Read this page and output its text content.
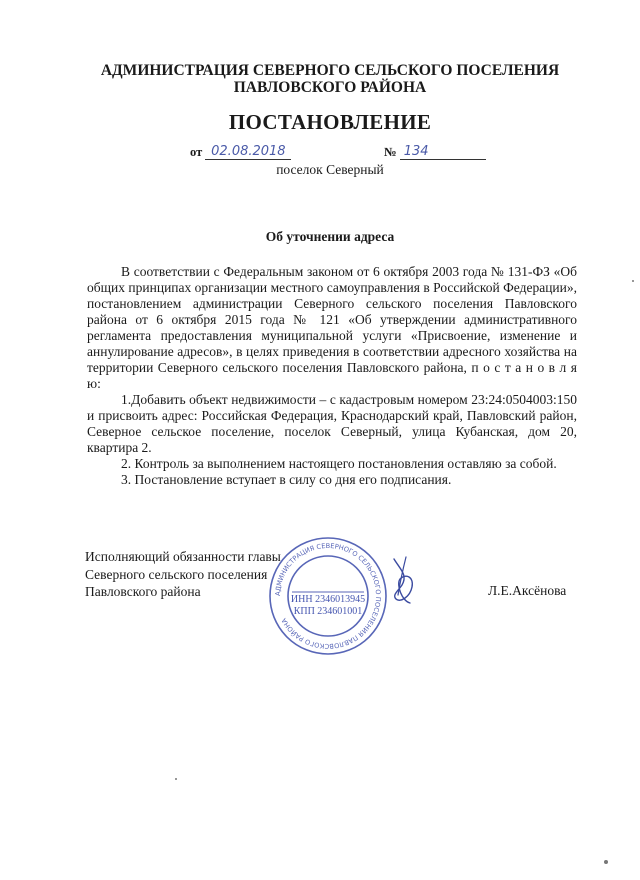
АДМИНИСТРАЦИЯ СЕВЕРНОГО СЕЛЬСКОГО ПОСЕЛЕНИЯ
ПАВЛОВСКОГО РАЙОНА
ПОСТАНОВЛЕНИЕ
от 02.08.2018	№ 134
поселок Северный
Об уточнении адреса

В соответствии с Федеральным законом от 6 октября 2003 года № 131-ФЗ «Об общих принципах организации местного самоуправления в Российской Федерации», постановлением администрации Северного сельского поселения Павловского района от 6 октября 2015 года № 121 «Об утверждении административного регламента предоставления муниципальной услуги «Присвоение, изменение и аннулирование адресов», в целях приведения в соответствии адресного хозяйства на территории Северного сельского поселения Павловского района, п о с т а н о в л я ю:

1.Добавить объект недвижимости – с кадастровым номером 23:24:0504003:150 и присвоить адрес: Российская Федерация, Краснодарский край, Павловский район, Северное сельское поселение, поселок Северный, улица Кубанская, дом 20, квартира 2.

2. Контроль за выполнением настоящего постановления оставляю за собой.

3. Постановление вступает в силу со дня его подписания.

Исполняющий обязанности главы
Северного сельского поселения
Павловского района	Л.Е.Аксёнова
АДМИНИСТРАЦИЯ СЕВЕРНОГО СЕЛЬСКОГО ПОСЕЛЕНИЯ ПАВЛОВСКОГО РАЙОНА
ИНН 2346013945
КПП 234601001
